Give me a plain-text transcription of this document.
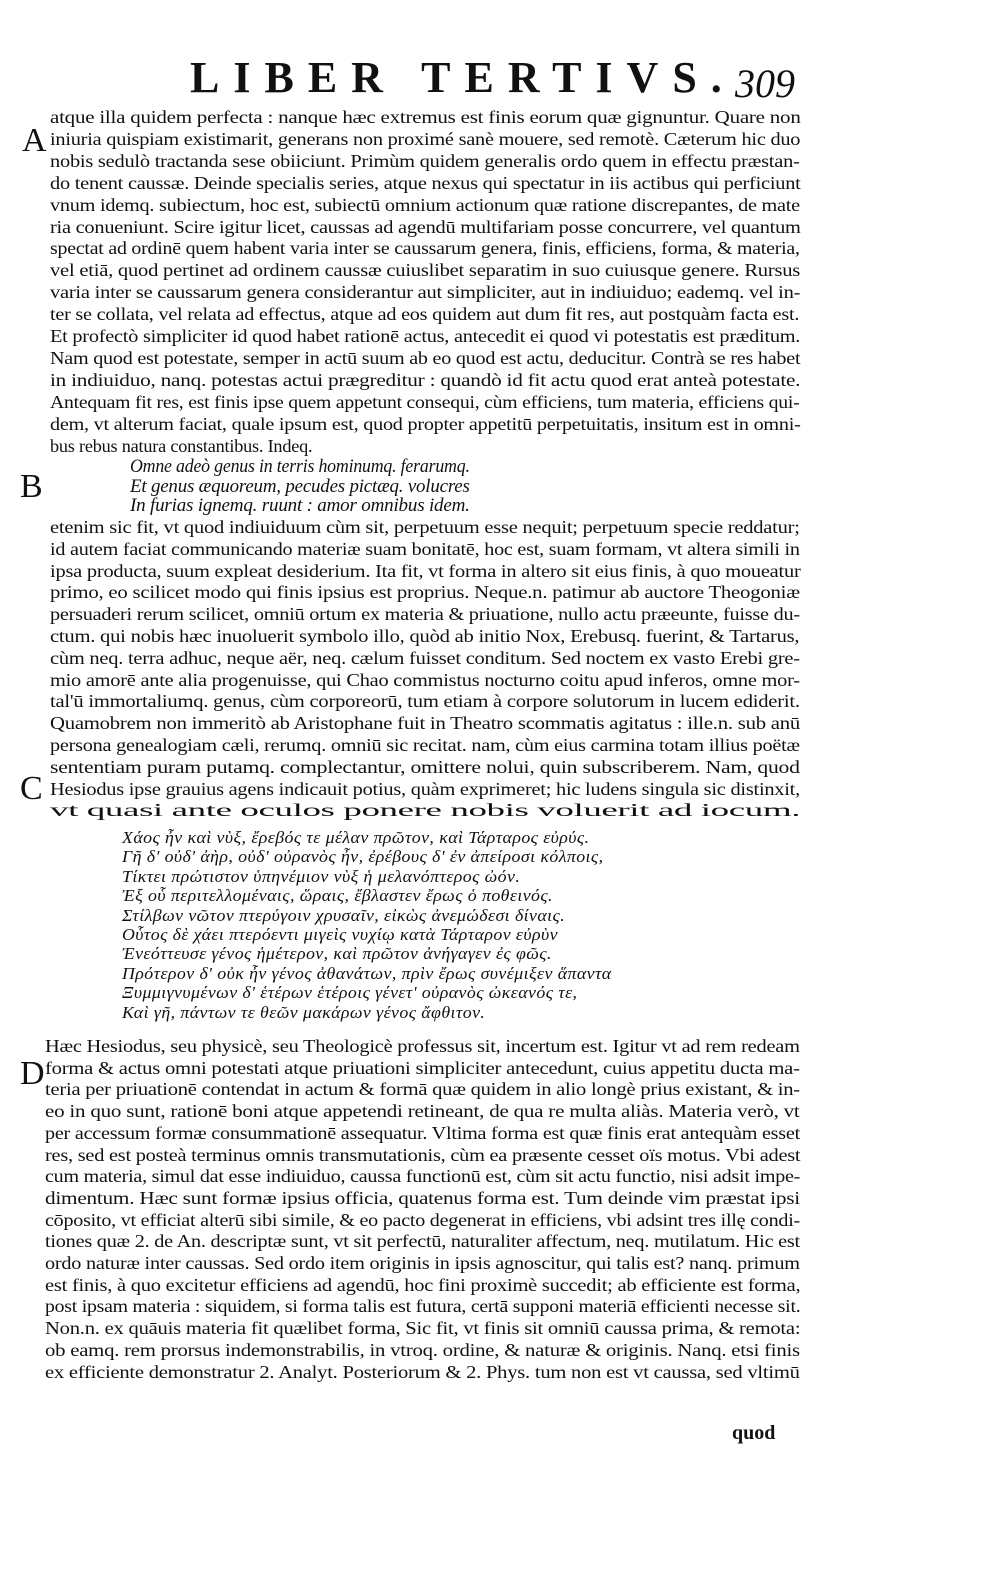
LIBER TERTIVS. 309
A
B
C
D
atque illa quidem perfecta : nanque hæc extremus est finis eorum quæ gignuntur. Quare non
iniuria quispiam existimarit, generans non proximé sanè mouere, sed remotè. Cæterum hic duo
nobis sedulò tractanda sese obiiciunt. Primùm quidem generalis ordo quem in effectu præstan-
do tenent caussæ. Deinde specialis series, atque nexus qui spectatur in iis actibus qui perficiunt
vnum idemq. subiectum, hoc est, subiectū omnium actionum quæ ratione discrepantes, de mate
ria conueniunt. Scire igitur licet, caussas ad agendū multifariam posse concurrere, vel quantum
spectat ad ordinē quem habent varia inter se caussarum genera, finis, efficiens, forma, & materia,
vel etiā, quod pertinet ad ordinem caussæ cuiuslibet separatim in suo cuiusque genere. Rursus
varia inter se caussarum genera considerantur aut simpliciter, aut in indiuiduo; eademq. vel in-
ter se collata, vel relata ad effectus, atque ad eos quidem aut dum fit res, aut postquàm facta est.
Et profectò simpliciter id quod habet rationē actus, antecedit ei quod vi potestatis est præditum.
Nam quod est potestate, semper in actū suum ab eo quod est actu, deducitur. Contrà se res habet
in indiuiduo, nanq. potestas actui prægreditur : quandò id fit actu quod erat anteà potestate.
Antequam fit res, est finis ipse quem appetunt consequi, cùm efficiens, tum materia, efficiens qui-
dem, vt alterum faciat, quale ipsum est, quod propter appetitū perpetuitatis, insitum est in omni-
bus rebus natura constantibus. Indeq.
Omne adeò genus in terris hominumq. ferarumq.
Et genus æquoreum, pecudes pictæq. volucres
In furias ignemq. ruunt : amor omnibus idem.
etenim sic fit, vt quod indiuiduum cùm sit, perpetuum esse nequit; perpetuum specie reddatur;
id autem faciat communicando materiæ suam bonitatē, hoc est, suam formam, vt altera simili in
ipsa producta, suum expleat desiderium. Ita fit, vt forma in altero sit eius finis, à quo moueatur
primo, eo scilicet modo qui finis ipsius est proprius. Neque.n. patimur ab auctore Theogoniæ
persuaderi rerum scilicet, omniū ortum ex materia & priuatione, nullo actu præeunte, fuisse du-
ctum. qui nobis hæc inuoluerit symbolo illo, quòd ab initio Nox, Erebusq. fuerint, & Tartarus,
cùm neq. terra adhuc, neque aër, neq. cælum fuisset conditum. Sed noctem ex vasto Erebi gre-
mio amorē ante alia progenuisse, qui Chao commistus nocturno coitu apud inferos, omne mor-
tal'ū immortaliumq. genus, cùm corporeorū, tum etiam à corpore solutorum in lucem ediderit.
Quamobrem non immeritò ab Aristophane fuit in Theatro scommatis agitatus : ille.n. sub anū
persona genealogiam cæli, rerumq. omniū sic recitat. nam, cùm eius carmina totam illius poëtæ
sententiam puram putamq. complectantur, omittere nolui, quin subscriberem. Nam, quod
Hesiodus ipse grauius agens indicauit potius, quàm exprimeret; hic ludens singula sic distinxit,
vt quasi ante oculos ponere nobis voluerit ad iocum.
Χάος ἦν καὶ νὺξ, ἔρεβός τε μέλαν πρῶτον, καὶ Τάρταρος εὐρύς.
Γῆ δ' οὐδ' ἀὴρ, οὐδ' οὐρανὸς ἦν, ἐρέβους δ' ἐν ἀπείροσι κόλποις,
Τίκτει πρώτιστον ὑπηνέμιον νὺξ ἡ μελανόπτερος ὠόν.
Ἐξ οὗ περιτελλομέναις, ὥραις, ἔβλαστεν ἔρως ὁ ποθεινός.
Στίλβων νῶτον πτερύγοιν χρυσαῖν, εἰκὼς ἀνεμώδεσι δίναις.
Οὗτος δὲ χάει πτερόεντι μιγεὶς νυχίῳ κατὰ Τάρταρον εὐρὺν
Ἐνεόττευσε γένος ἡμέτερον, καὶ πρῶτον ἀνήγαγεν ἐς φῶς.
Πρότερον δ' οὐκ ἦν γένος ἀθανάτων, πρὶν ἔρως συνέμιξεν ἅπαντα
Ξυμμιγνυμένων δ' ἑτέρων ἑτέροις γένετ' οὐρανὸς ὠκεανός τε,
Καὶ γῆ, πάντων τε θεῶν μακάρων γένος ἄφθιτον.
Hæc Hesiodus, seu physicè, seu Theologicè professus sit, incertum est. Igitur vt ad rem redeam
forma & actus omni potestati atque priuationi simpliciter antecedunt, cuius appetitu ducta ma-
teria per priuationē contendat in actum & formā quæ quidem in alio longè prius existant, & in-
eo in quo sunt, rationē boni atque appetendi retineant, de qua re multa aliàs. Materia verò, vt
per accessum formæ consummationē assequatur. Vltima forma est quæ finis erat antequàm esset
res, sed est posteà terminus omnis transmutationis, cùm ea præsente cesset oïs motus. Vbi adest
cum materia, simul dat esse indiuiduo, caussa functionū est, cùm sit actu functio, nisi adsit impe-
dimentum. Hæc sunt formæ ipsius officia, quatenus forma est. Tum deinde vim præstat ipsi
cōposito, vt efficiat alterū sibi simile, & eo pacto degenerat in efficiens, vbi adsint tres illę condi-
tiones quæ 2. de An. descriptæ sunt, vt sit perfectū, naturaliter affectum, neq. mutilatum. Hic est
ordo naturæ inter caussas. Sed ordo item originis in ipsis agnoscitur, qui talis est? nanq. primum
est finis, à quo excitetur efficiens ad agendū, hoc fini proximè succedit; ab efficiente est forma,
post ipsam materia : siquidem, si forma talis est futura, certā supponi materiā efficienti necesse sit.
Non.n. ex quāuis materia fit quælibet forma, Sic fit, vt finis sit omniū caussa prima, & remota:
ob eamq. rem prorsus indemonstrabilis, in vtroq. ordine, & naturæ & originis. Nanq. etsi finis
ex efficiente demonstratur 2. Analyt. Posteriorum & 2. Phys. tum non est vt caussa, sed vltimū
quod
